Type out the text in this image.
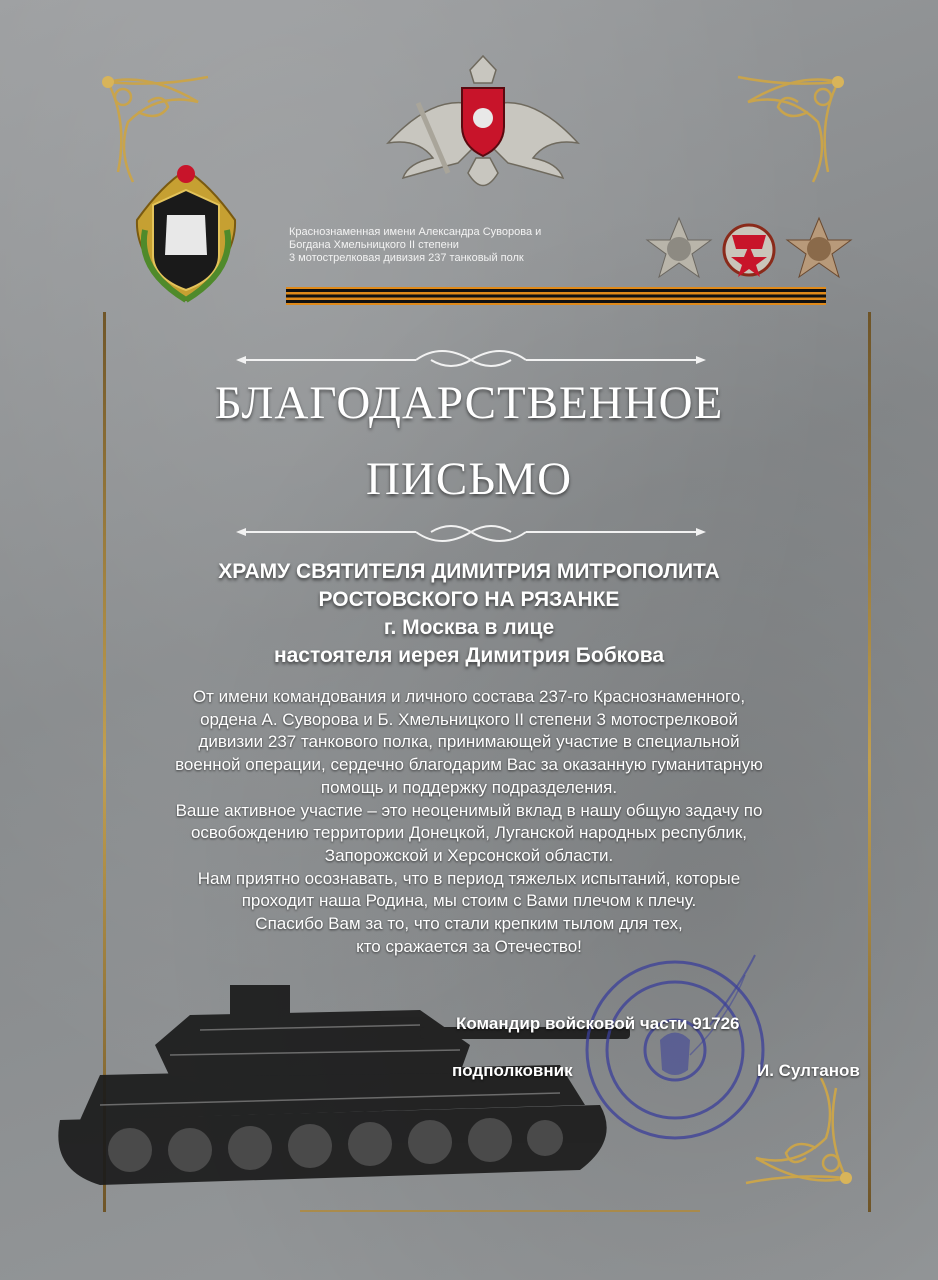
Краснознаменная имени Александра Суворова и
Богдана Хмельницкого II степени
3 мотострелковая дивизия 237 танковый полк
БЛАГОДАРСТВЕННОЕ
ПИСЬМО
ХРАМУ СВЯТИТЕЛЯ ДИМИТРИЯ МИТРОПОЛИТА
РОСТОВСКОГО НА РЯЗАНКЕ
г. Москва в лице
настоятеля иерея Димитрия Бобкова
От имени командования и личного состава 237-го Краснознаменного,
ордена А. Суворова и Б. Хмельницкого II степени 3 мотострелковой
дивизии 237 танкового полка, принимающей участие в специальной
военной операции, сердечно благодарим Вас за оказанную гуманитарную
помощь и поддержку подразделения.
Ваше активное участие – это неоценимый вклад в нашу общую задачу по
освобождению территории Донецкой, Луганской народных республик,
Запорожской и Херсонской области.
Нам приятно осознавать, что в период тяжелых испытаний, которые
проходит наша Родина, мы стоим с Вами плечом к плечу.
Спасибо Вам за то, что стали крепким тылом для тех,
кто сражается за Отечество!
Командир войсковой части 91726
подполковник	И. Султанов
